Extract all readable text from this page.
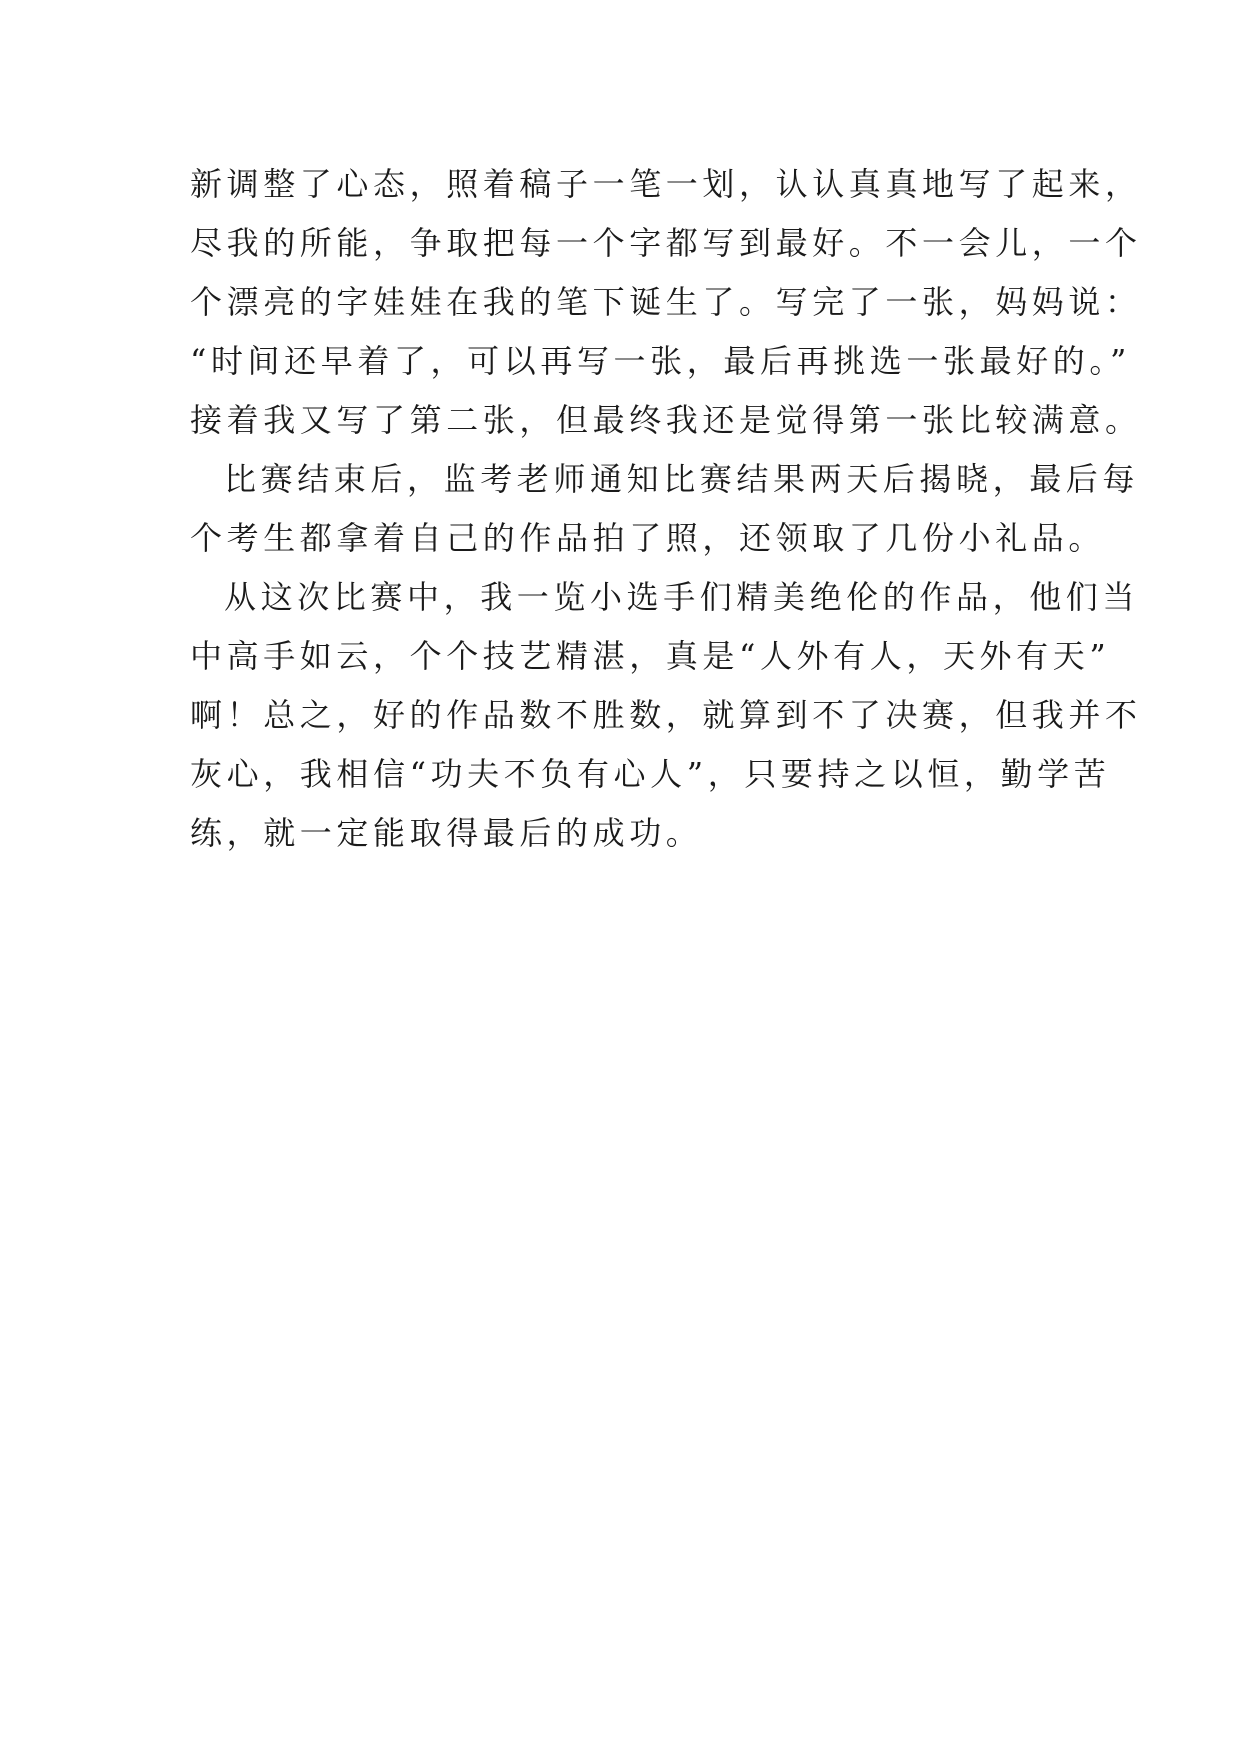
新调整了心态，照着稿子一笔一划，认认真真地写了起来，
尽我的所能，争取把每一个字都写到最好。不一会儿，一个
个漂亮的字娃娃在我的笔下诞生了。写完了一张，妈妈说：
“时间还早着了，可以再写一张，最后再挑选一张最好的。”
接着我又写了第二张，但最终我还是觉得第一张比较满意。
比赛结束后，监考老师通知比赛结果两天后揭晓，最后每
个考生都拿着自己的作品拍了照，还领取了几份小礼品。
从这次比赛中，我一览小选手们精美绝伦的作品，他们当
中高手如云，个个技艺精湛，真是“人外有人，天外有天”
啊！总之，好的作品数不胜数，就算到不了决赛，但我并不
灰心，我相信“功夫不负有心人”，只要持之以恒，勤学苦
练，就一定能取得最后的成功。
